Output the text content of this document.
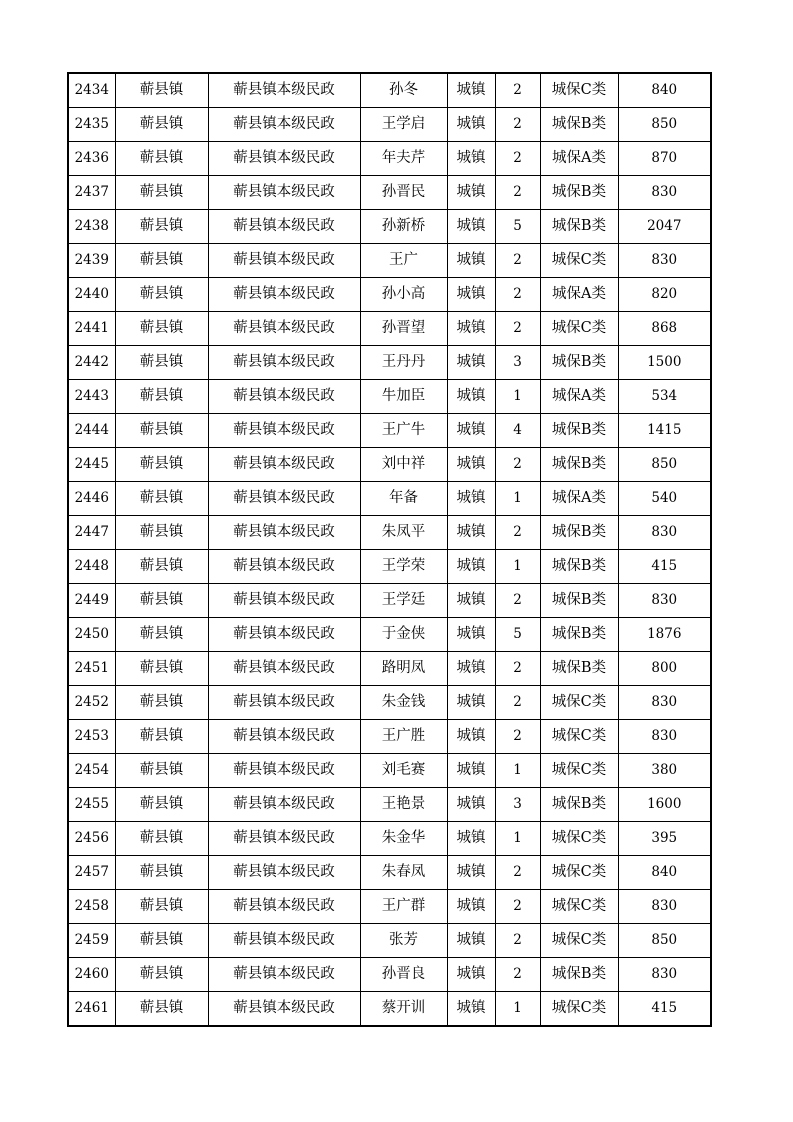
2434	蕲县镇	蕲县镇本级民政	孙冬	城镇	2	城保C类	840
2435	蕲县镇	蕲县镇本级民政	王学启	城镇	2	城保B类	850
2436	蕲县镇	蕲县镇本级民政	年夫芹	城镇	2	城保A类	870
2437	蕲县镇	蕲县镇本级民政	孙晋民	城镇	2	城保B类	830
2438	蕲县镇	蕲县镇本级民政	孙新桥	城镇	5	城保B类	2047
2439	蕲县镇	蕲县镇本级民政	王广	城镇	2	城保C类	830
2440	蕲县镇	蕲县镇本级民政	孙小高	城镇	2	城保A类	820
2441	蕲县镇	蕲县镇本级民政	孙晋望	城镇	2	城保C类	868
2442	蕲县镇	蕲县镇本级民政	王丹丹	城镇	3	城保B类	1500
2443	蕲县镇	蕲县镇本级民政	牛加臣	城镇	1	城保A类	534
2444	蕲县镇	蕲县镇本级民政	王广牛	城镇	4	城保B类	1415
2445	蕲县镇	蕲县镇本级民政	刘中祥	城镇	2	城保B类	850
2446	蕲县镇	蕲县镇本级民政	年备	城镇	1	城保A类	540
2447	蕲县镇	蕲县镇本级民政	朱凤平	城镇	2	城保B类	830
2448	蕲县镇	蕲县镇本级民政	王学荣	城镇	1	城保B类	415
2449	蕲县镇	蕲县镇本级民政	王学廷	城镇	2	城保B类	830
2450	蕲县镇	蕲县镇本级民政	于金侠	城镇	5	城保B类	1876
2451	蕲县镇	蕲县镇本级民政	路明凤	城镇	2	城保B类	800
2452	蕲县镇	蕲县镇本级民政	朱金钱	城镇	2	城保C类	830
2453	蕲县镇	蕲县镇本级民政	王广胜	城镇	2	城保C类	830
2454	蕲县镇	蕲县镇本级民政	刘毛赛	城镇	1	城保C类	380
2455	蕲县镇	蕲县镇本级民政	王艳景	城镇	3	城保B类	1600
2456	蕲县镇	蕲县镇本级民政	朱金华	城镇	1	城保C类	395
2457	蕲县镇	蕲县镇本级民政	朱春凤	城镇	2	城保C类	840
2458	蕲县镇	蕲县镇本级民政	王广群	城镇	2	城保C类	830
2459	蕲县镇	蕲县镇本级民政	张芳	城镇	2	城保C类	850
2460	蕲县镇	蕲县镇本级民政	孙晋良	城镇	2	城保B类	830
2461	蕲县镇	蕲县镇本级民政	蔡开训	城镇	1	城保C类	415
